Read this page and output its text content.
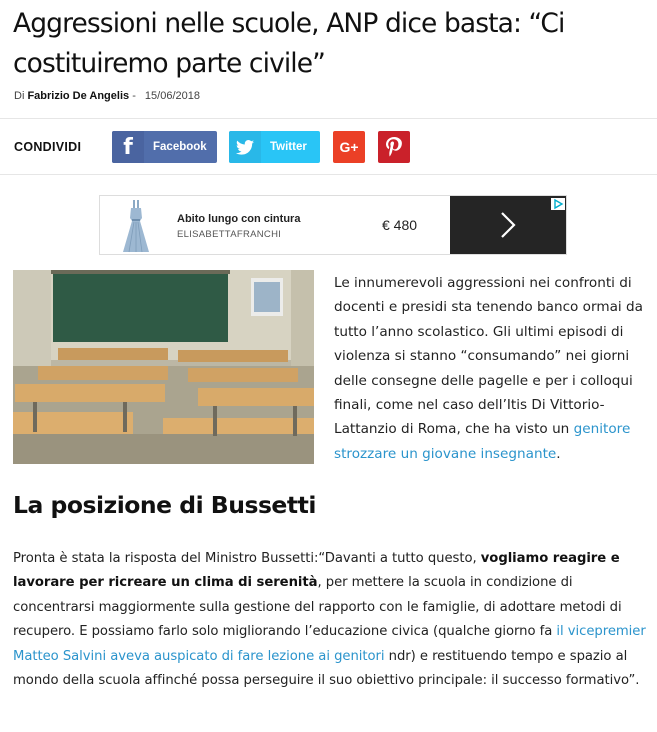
Aggressioni nelle scuole, ANP dice basta: “Ci costituiremo parte civile”
Di Fabrizio De Angelis - 15/06/2018
CONDIVIDI	f	Facebook	Twitter G+
Abito lungo con cintura
ELISABETTAFRANCHI
€ 480

Le innumerevoli aggressioni nei confronti di docenti e presidi sta tenendo banco ormai da tutto l’anno scolastico. Gli ultimi episodi di violenza si stanno “consumando” nei giorni delle consegne delle pagelle e per i colloqui finali, come nel caso dell’Itis Di Vittorio-Lattanzio di Roma, che ha visto un genitore strozzare un giovane insegnante.

La posizione di Bussetti

Pronta è stata la risposta del Ministro Bussetti:“Davanti a tutto questo, vogliamo reagire e lavorare per ricreare un clima di serenità, per mettere la scuola in condizione di concentrarsi maggiormente sulla gestione del rapporto con le famiglie, di adottare metodi di recupero. E possiamo farlo solo migliorando l’educazione civica (qualche giorno fa il vicepremier Matteo Salvini aveva auspicato di fare lezione ai genitori ndr) e restituendo tempo e spazio al mondo della scuola affinché possa perseguire il suo obiettivo principale: il successo formativo”.
